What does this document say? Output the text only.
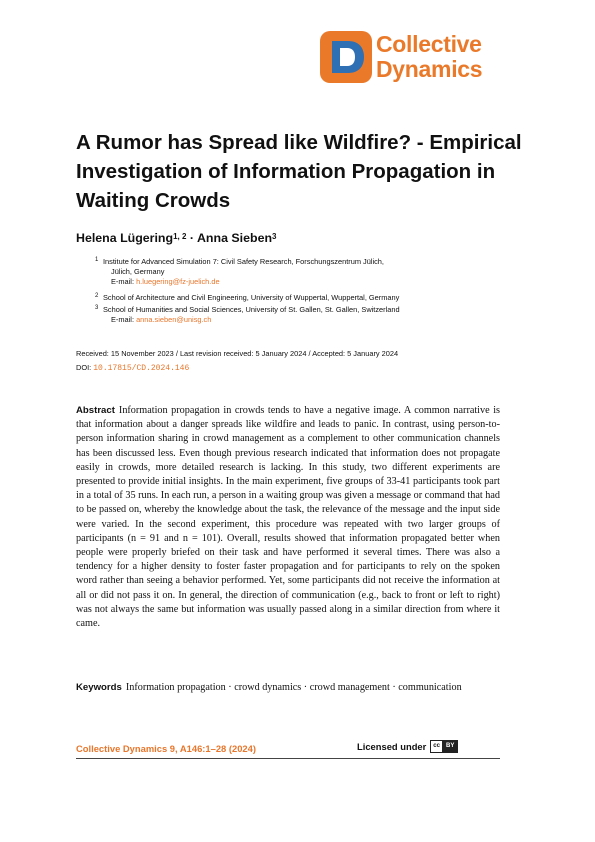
Collective
Dynamics
A Rumor has Spread like Wildfire? - Empirical Investigation of Information Propagation in Waiting Crowds
Helena Lügering$^{1, 2}$ · Anna Sieben$^3$
1 Institute for Advanced Simulation 7: Civil Safety Research, Forschungszentrum Jülich,
Jülich, Germany
E-mail: h.luegering@fz-juelich.de
2 School of Architecture and Civil Engineering, University of Wuppertal, Wuppertal, Germany
3 School of Humanities and Social Sciences, University of St. Gallen, St. Gallen, Switzerland
E-mail: anna.sieben@unisg.ch
Received: 15 November 2023 / Last revision received: 5 January 2024 / Accepted: 5 January 2024
DOI: 10.17815/CD.2024.146
Abstract Information propagation in crowds tends to have a negative image. A common narrative is that information about a danger spreads like wildfire and leads to panic. In contrast, using person-to-person information sharing in crowd management as a complement to other communication channels has been discussed less. Even though previous research indicated that information does not propagate easily in crowds, more detailed research is lacking. In this study, two different experiments are presented to provide initial insights. In the main experiment, five groups of 33-41 participants took part in a total of 35 runs. In each run, a person in a waiting group was given a message or command that had to be passed on, whereby the knowledge about the task, the relevance of the message and the input side were varied. In the second experiment, this procedure was repeated with two larger groups of participants (n = 91 and n = 101). Overall, results showed that information propagated better when people were properly briefed on their task and have performed it several times. There was also a tendency for a higher density to foster faster propagation and for participants to rely on the spoken word rather than seeing a behavior performed. Yet, some participants did not receive the information at all or did not pass it on. In general, the direction of communication (e.g., back to front or left to right) was not always the same but information was usually passed along in a similar direction from where it came.
Keywords Information propagation · crowd dynamics · crowd management · communication
Collective Dynamics 9, A146:1–28 (2024)	Licensed under	cc	BY
